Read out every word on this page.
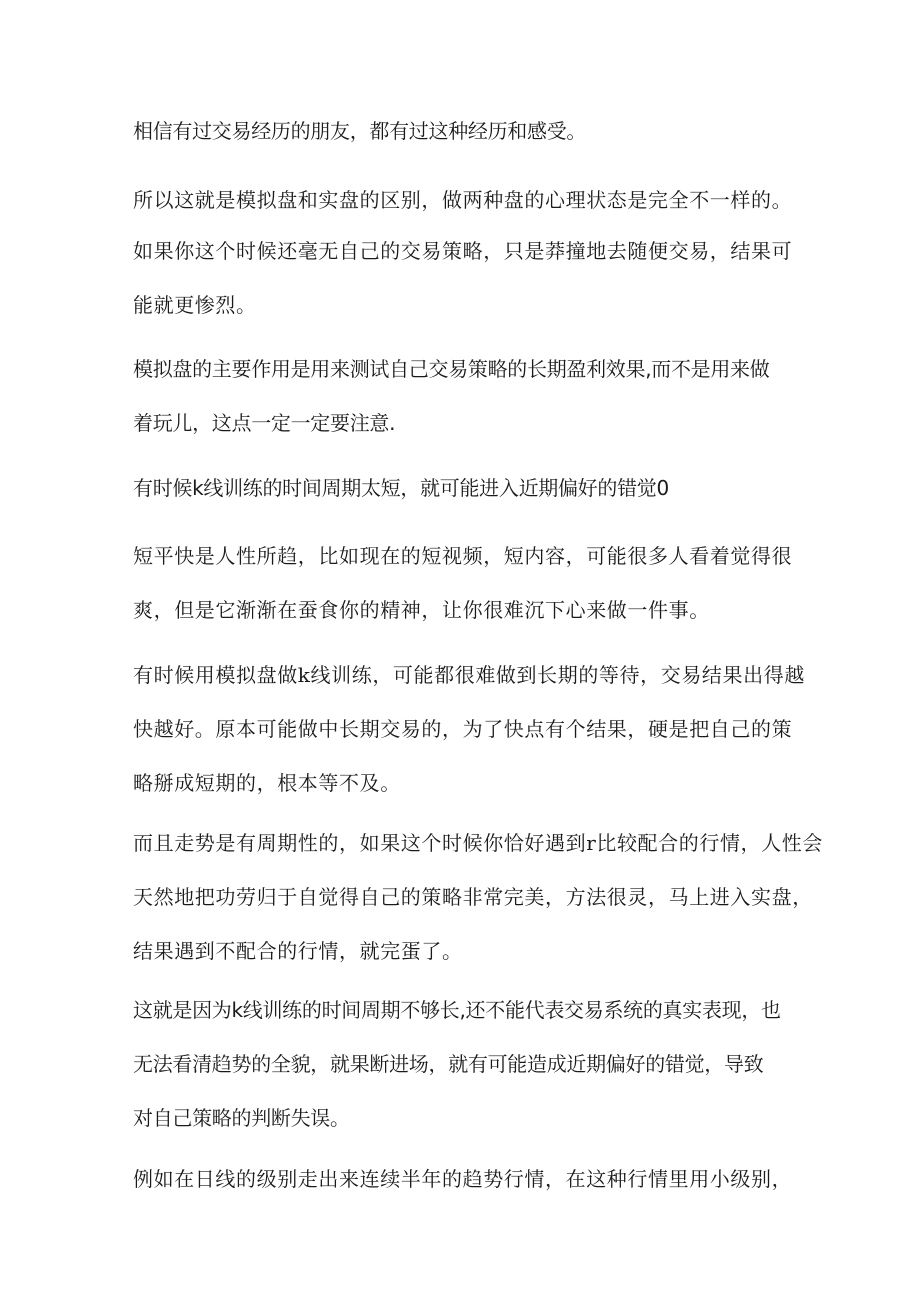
相信有过交易经历的朋友，都有过这种经历和感受。

所以这就是模拟盘和实盘的区别，做两种盘的心理状态是完全不一样的。

如果你这个时候还毫无自己的交易策略，只是莽撞地去随便交易，结果可
能就更惨烈。

模拟盘的主要作用是用来测试自己交易策略的长期盈利效果,而不是用来做
着玩儿，这点一定一定要注意.

有时候k线训练的时间周期太短，就可能进入近期偏好的错觉0

短平快是人性所趋，比如现在的短视频，短内容，可能很多人看着觉得很
爽，但是它渐渐在蚕食你的精神，让你很难沉下心来做一件事。

有时候用模拟盘做k线训练，可能都很难做到长期的等待，交易结果出得越
快越好。原本可能做中长期交易的，为了快点有个结果，硬是把自己的策
略掰成短期的，根本等不及。

而且走势是有周期性的，如果这个时候你恰好遇到r比较配合的行情，人性会
天然地把功劳归于自觉得自己的策略非常完美，方法很灵，马上进入实盘，
结果遇到不配合的行情，就完蛋了。

这就是因为k线训练的时间周期不够长,还不能代表交易系统的真实表现，也
无法看清趋势的全貌，就果断进场，就有可能造成近期偏好的错觉，导致
对自己策略的判断失误。

例如在日线的级别走出来连续半年的趋势行情，在这种行情里用小级别，
